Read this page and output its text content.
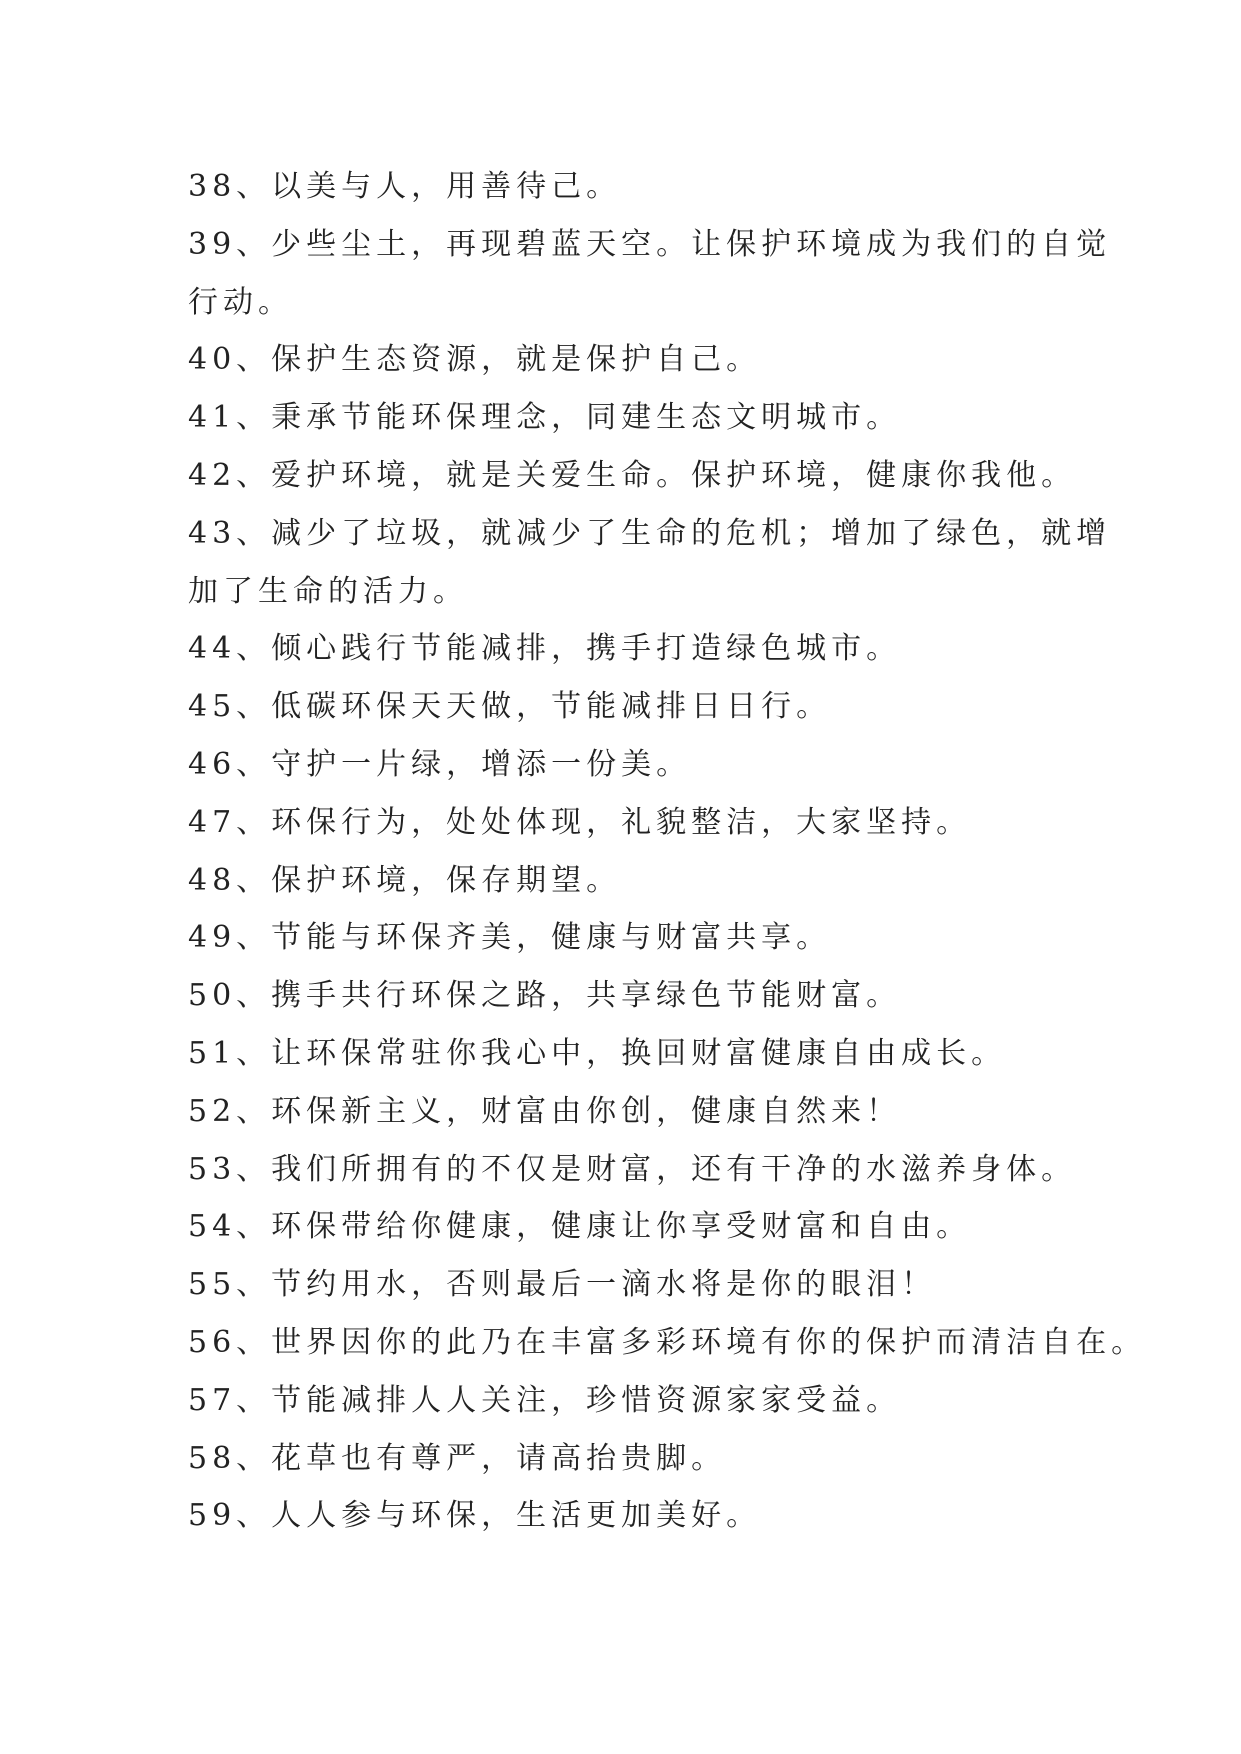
38、以美与人，用善待己。
39、少些尘土，再现碧蓝天空。让保护环境成为我们的自觉
行动。
40、保护生态资源，就是保护自己。
41、秉承节能环保理念，同建生态文明城市。
42、爱护环境，就是关爱生命。保护环境，健康你我他。
43、减少了垃圾，就减少了生命的危机；增加了绿色，就增
加了生命的活力。
44、倾心践行节能减排，携手打造绿色城市。
45、低碳环保天天做，节能减排日日行。
46、守护一片绿，增添一份美。
47、环保行为，处处体现，礼貌整洁，大家坚持。
48、保护环境，保存期望。
49、节能与环保齐美，健康与财富共享。
50、携手共行环保之路，共享绿色节能财富。
51、让环保常驻你我心中，换回财富健康自由成长。
52、环保新主义，财富由你创，健康自然来！
53、我们所拥有的不仅是财富，还有干净的水滋养身体。
54、环保带给你健康，健康让你享受财富和自由。
55、节约用水，否则最后一滴水将是你的眼泪！
56、世界因你的此乃在丰富多彩环境有你的保护而清洁自在。
57、节能减排人人关注，珍惜资源家家受益。
58、花草也有尊严，请高抬贵脚。
59、人人参与环保，生活更加美好。
